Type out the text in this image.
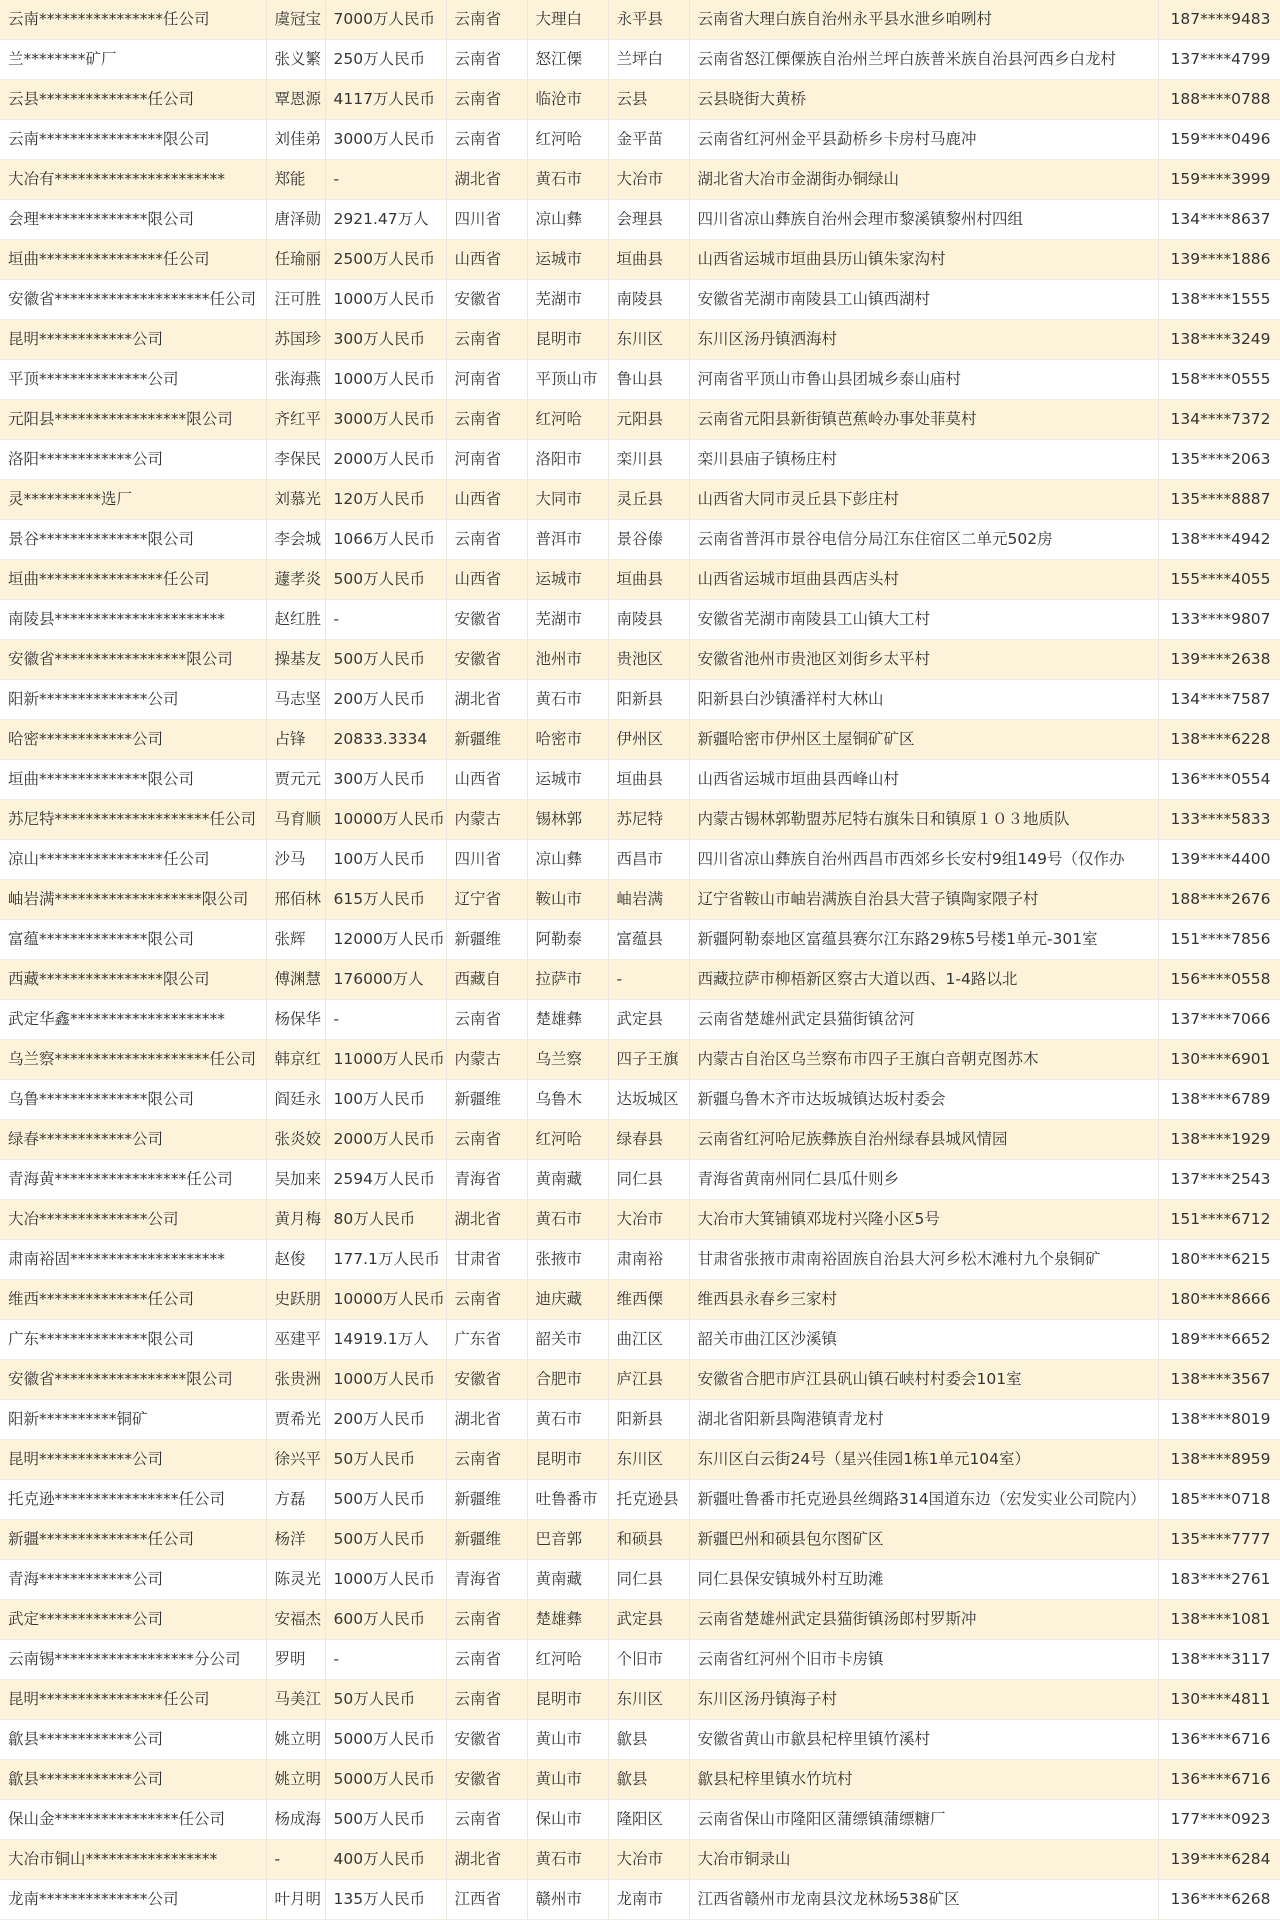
云南****************任公司	虞冠宝	7000万人民币	云南省	大理白	永平县	云南省大理白族自治州永平县水泄乡咱咧村	187****9483
兰********矿厂	张义繁	250万人民币	云南省	怒江傈	兰坪白	云南省怒江傈僳族自治州兰坪白族普米族自治县河西乡白龙村	137****4799
云县**************任公司	覃恩源	4117万人民币	云南省	临沧市	云县	云县晓街大黄桥	188****0788
云南****************限公司	刘佳弟	3000万人民币	云南省	红河哈	金平苗	云南省红河州金平县勐桥乡卡房村马鹿冲	159****0496
大冶有**********************	郑能	-	湖北省	黄石市	大冶市	湖北省大冶市金湖街办铜绿山	159****3999
会理**************限公司	唐泽勋	2921.47万人	四川省	凉山彝	会理县	四川省凉山彝族自治州会理市黎溪镇黎州村四组	134****8637
垣曲****************任公司	任瑜丽	2500万人民币	山西省	运城市	垣曲县	山西省运城市垣曲县历山镇朱家沟村	139****1886
安徽省********************任公司	汪可胜	1000万人民币	安徽省	芜湖市	南陵县	安徽省芜湖市南陵县工山镇西湖村	138****1555
昆明************公司	苏国珍	300万人民币	云南省	昆明市	东川区	东川区汤丹镇洒海村	138****3249
平顶**************公司	张海燕	1000万人民币	河南省	平顶山市	鲁山县	河南省平顶山市鲁山县团城乡泰山庙村	158****0555
元阳县*****************限公司	齐红平	3000万人民币	云南省	红河哈	元阳县	云南省元阳县新街镇芭蕉岭办事处菲莫村	134****7372
洛阳************公司	李保民	2000万人民币	河南省	洛阳市	栾川县	栾川县庙子镇杨庄村	135****2063
灵**********选厂	刘慕光	120万人民币	山西省	大同市	灵丘县	山西省大同市灵丘县下彭庄村	135****8887
景谷**************限公司	李会城	1066万人民币	云南省	普洱市	景谷傣	云南省普洱市景谷电信分局江东住宿区二单元502房	138****4942
垣曲****************任公司	蘧孝炎	500万人民币	山西省	运城市	垣曲县	山西省运城市垣曲县西店头村	155****4055
南陵县**********************	赵红胜	-	安徽省	芜湖市	南陵县	安徽省芜湖市南陵县工山镇大工村	133****9807
安徽省*****************限公司	操基友	500万人民币	安徽省	池州市	贵池区	安徽省池州市贵池区刘街乡太平村	139****2638
阳新**************公司	马志坚	200万人民币	湖北省	黄石市	阳新县	阳新县白沙镇潘祥村大林山	134****7587
哈密************公司	占锋	20833.3334	新疆维	哈密市	伊州区	新疆哈密市伊州区土屋铜矿矿区	138****6228
垣曲**************限公司	贾元元	300万人民币	山西省	运城市	垣曲县	山西省运城市垣曲县西峰山村	136****0554
苏尼特********************任公司	马育顺	10000万人民币	内蒙古	锡林郭	苏尼特	内蒙古锡林郭勒盟苏尼特右旗朱日和镇原１０３地质队	133****5833
凉山****************任公司	沙马	100万人民币	四川省	凉山彝	西昌市	四川省凉山彝族自治州西昌市西郊乡长安村9组149号（仅作办	139****4400
岫岩满*******************限公司	邢佰林	615万人民币	辽宁省	鞍山市	岫岩满	辽宁省鞍山市岫岩满族自治县大营子镇陶家隈子村	188****2676
富蕴**************限公司	张辉	12000万人民币	新疆维	阿勒泰	富蕴县	新疆阿勒泰地区富蕴县赛尔江东路29栋5号楼1单元-301室	151****7856
西藏****************限公司	傅渊慧	176000万人	西藏自	拉萨市	-	西藏拉萨市柳梧新区察古大道以西、1-4路以北	156****0558
武定华鑫********************	杨保华	-	云南省	楚雄彝	武定县	云南省楚雄州武定县猫街镇岔河	137****7066
乌兰察********************任公司	韩京红	11000万人民币	内蒙古	乌兰察	四子王旗	内蒙古自治区乌兰察布市四子王旗白音朝克图苏木	130****6901
乌鲁**************限公司	阎廷永	100万人民币	新疆维	乌鲁木	达坂城区	新疆乌鲁木齐市达坂城镇达坂村委会	138****6789
绿春************公司	张炎姣	2000万人民币	云南省	红河哈	绿春县	云南省红河哈尼族彝族自治州绿春县城风情园	138****1929
青海黄*****************任公司	吴加来	2594万人民币	青海省	黄南藏	同仁县	青海省黄南州同仁县瓜什则乡	137****2543
大冶**************公司	黄月梅	80万人民币	湖北省	黄石市	大冶市	大冶市大箕铺镇邓垅村兴隆小区5号	151****6712
肃南裕固********************	赵俊	177.1万人民币	甘肃省	张掖市	肃南裕	甘肃省张掖市肃南裕固族自治县大河乡松木滩村九个泉铜矿	180****6215
维西**************任公司	史跃朋	10000万人民币	云南省	迪庆藏	维西傈	维西县永春乡三家村	180****8666
广东**************限公司	巫建平	14919.1万人	广东省	韶关市	曲江区	韶关市曲江区沙溪镇	189****6652
安徽省*****************限公司	张贵洲	1000万人民币	安徽省	合肥市	庐江县	安徽省合肥市庐江县矾山镇石峡村村委会101室	138****3567
阳新**********铜矿	贾希光	200万人民币	湖北省	黄石市	阳新县	湖北省阳新县陶港镇青龙村	138****8019
昆明************公司	徐兴平	50万人民币	云南省	昆明市	东川区	东川区白云街24号（星兴佳园1栋1单元104室）	138****8959
托克逊****************任公司	方磊	500万人民币	新疆维	吐鲁番市	托克逊县	新疆吐鲁番市托克逊县丝绸路314国道东边（宏发实业公司院内）	185****0718
新疆**************任公司	杨洋	500万人民币	新疆维	巴音郭	和硕县	新疆巴州和硕县包尔图矿区	135****7777
青海************公司	陈灵光	1000万人民币	青海省	黄南藏	同仁县	同仁县保安镇城外村互助滩	183****2761
武定************公司	安福杰	600万人民币	云南省	楚雄彝	武定县	云南省楚雄州武定县猫街镇汤郎村罗斯冲	138****1081
云南锡******************分公司	罗明	-	云南省	红河哈	个旧市	云南省红河州个旧市卡房镇	138****3117
昆明****************任公司	马美江	50万人民币	云南省	昆明市	东川区	东川区汤丹镇海子村	130****4811
歙县************公司	姚立明	5000万人民币	安徽省	黄山市	歙县	安徽省黄山市歙县杞梓里镇竹溪村	136****6716
歙县************公司	姚立明	5000万人民币	安徽省	黄山市	歙县	歙县杞梓里镇水竹坑村	136****6716
保山金****************任公司	杨成海	500万人民币	云南省	保山市	隆阳区	云南省保山市隆阳区蒲缥镇蒲缥糖厂	177****0923
大冶市铜山*****************	-	400万人民币	湖北省	黄石市	大冶市	大冶市铜录山	139****6284
龙南**************公司	叶月明	135万人民币	江西省	赣州市	龙南市	江西省赣州市龙南县汶龙林场538矿区	136****6268
